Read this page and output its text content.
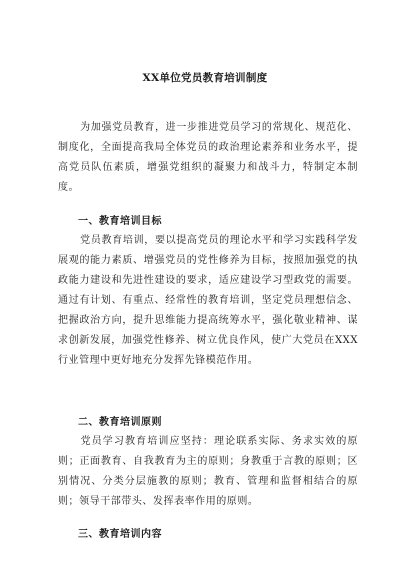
XX单位党员教育培训制度

为加强党员教育，进一步推进党员学习的常规化、规范化、制度化，全面提高我局全体党员的政治理论素养和业务水平，提高党员队伍素质，增强党组织的凝聚力和战斗力，特制定本制度。

一、教育培训目标

党员教育培训，要以提高党员的理论水平和学习实践科学发展观的能力素质、增强党员的党性修养为目标，按照加强党的执政能力建设和先进性建设的要求，适应建设学习型政党的需要。通过有计划、有重点、经常性的教育培训，坚定党员理想信念、把握政治方向，提升思维能力提高统筹水平，强化敬业精神、谋求创新发展，加强党性修养、树立优良作风，使广大党员在XXX行业管理中更好地充分发挥先锋模范作用。

二、教育培训原则

党员学习教育培训应坚持：理论联系实际、务求实效的原则；正面教育、自我教育为主的原则；身教重于言教的原则；区别情况、分类分层施教的原则；教育、管理和监督相结合的原则；领导干部带头、发挥表率作用的原则。

三、教育培训内容
